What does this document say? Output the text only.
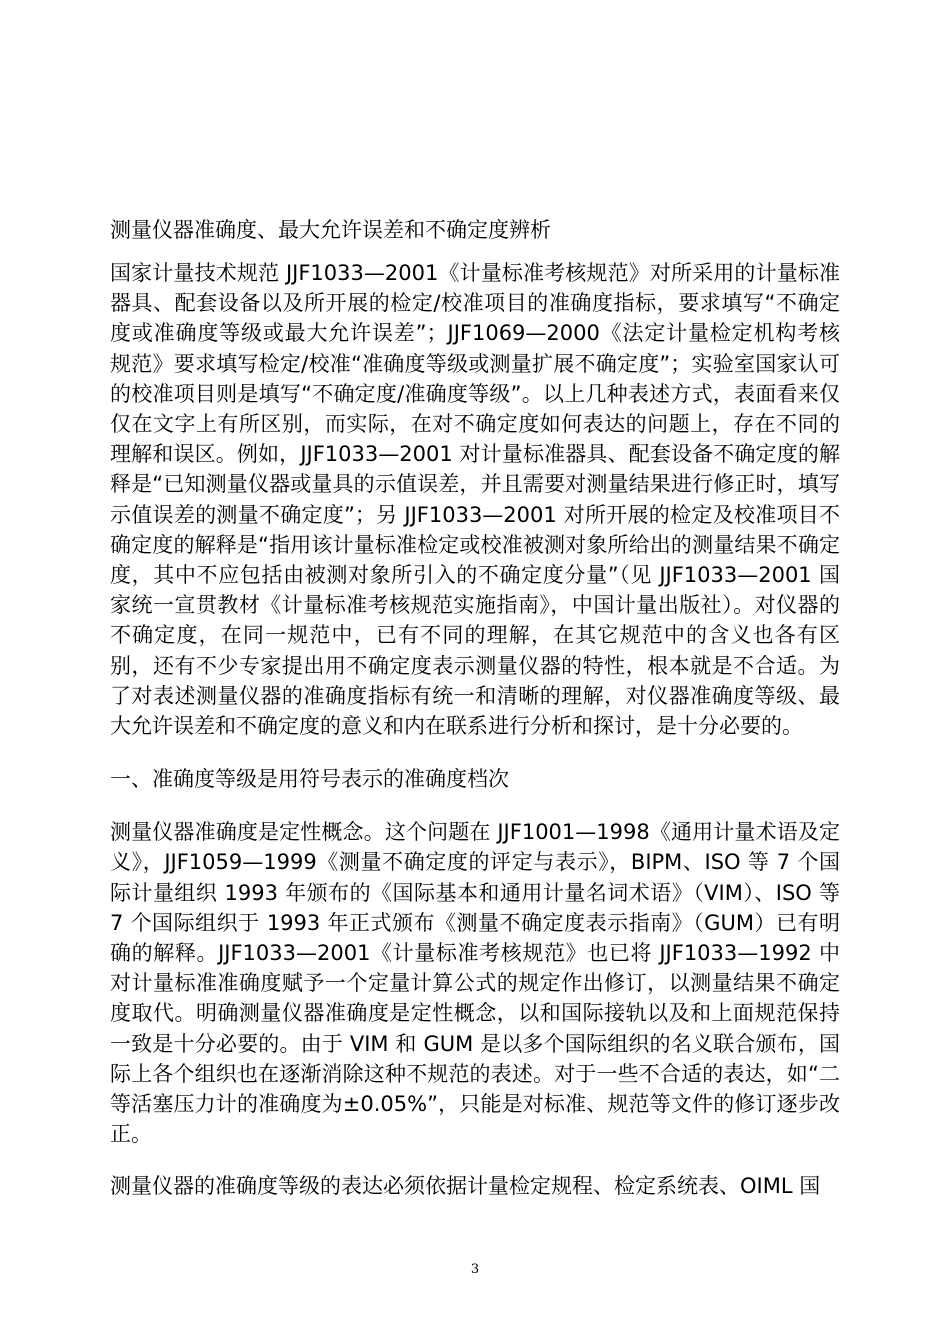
测量仪器准确度、最大允许误差和不确定度辨析

国家计量技术规范 JJF1033—2001《计量标准考核规范》对所采用的计量标准器具、配套设备以及所开展的检定/校准项目的准确度指标，要求填写“不确定度或准确度等级或最大允许误差”；JJF1069—2000《法定计量检定机构考核规范》要求填写检定/校准“准确度等级或测量扩展不确定度”；实验室国家认可的校准项目则是填写“不确定度/准确度等级”。以上几种表述方式，表面看来仅仅在文字上有所区别，而实际，在对不确定度如何表达的问题上，存在不同的理解和误区。例如，JJF1033—2001 对计量标准器具、配套设备不确定度的解释是“已知测量仪器或量具的示值误差，并且需要对测量结果进行修正时，填写示值误差的测量不确定度”；另 JJF1033—2001 对所开展的检定及校准项目不确定度的解释是“指用该计量标准检定或校准被测对象所给出的测量结果不确定度，其中不应包括由被测对象所引入的不确定度分量”（见 JJF1033—2001 国家统一宣贯教材《计量标准考核规范实施指南》，中国计量出版社）。对仪器的不确定度，在同一规范中，已有不同的理解，在其它规范中的含义也各有区别，还有不少专家提出用不确定度表示测量仪器的特性，根本就是不合适。为了对表述测量仪器的准确度指标有统一和清晰的理解，对仪器准确度等级、最大允许误差和不确定度的意义和内在联系进行分析和探讨，是十分必要的。

一、准确度等级是用符号表示的准确度档次

测量仪器准确度是定性概念。这个问题在 JJF1001—1998《通用计量术语及定义》，JJF1059—1999《测量不确定度的评定与表示》，BIPM、ISO 等 7 个国际计量组织 1993 年颁布的《国际基本和通用计量名词术语》（VIM）、ISO 等 7 个国际组织于 1993 年正式颁布《测量不确定度表示指南》（GUM）已有明确的解释。JJF1033—2001《计量标准考核规范》也已将 JJF1033—1992 中对计量标准准确度赋予一个定量计算公式的规定作出修订，以测量结果不确定度取代。明确测量仪器准确度是定性概念，以和国际接轨以及和上面规范保持一致是十分必要的。由于 VIM 和 GUM 是以多个国际组织的名义联合颁布，国际上各个组织也在逐渐消除这种不规范的表述。对于一些不合适的表达，如“二等活塞压力计的准确度为±0.05%”，只能是对标准、规范等文件的修订逐步改正。

测量仪器的准确度等级的表达必须依据计量检定规程、检定系统表、OIML 国

3
